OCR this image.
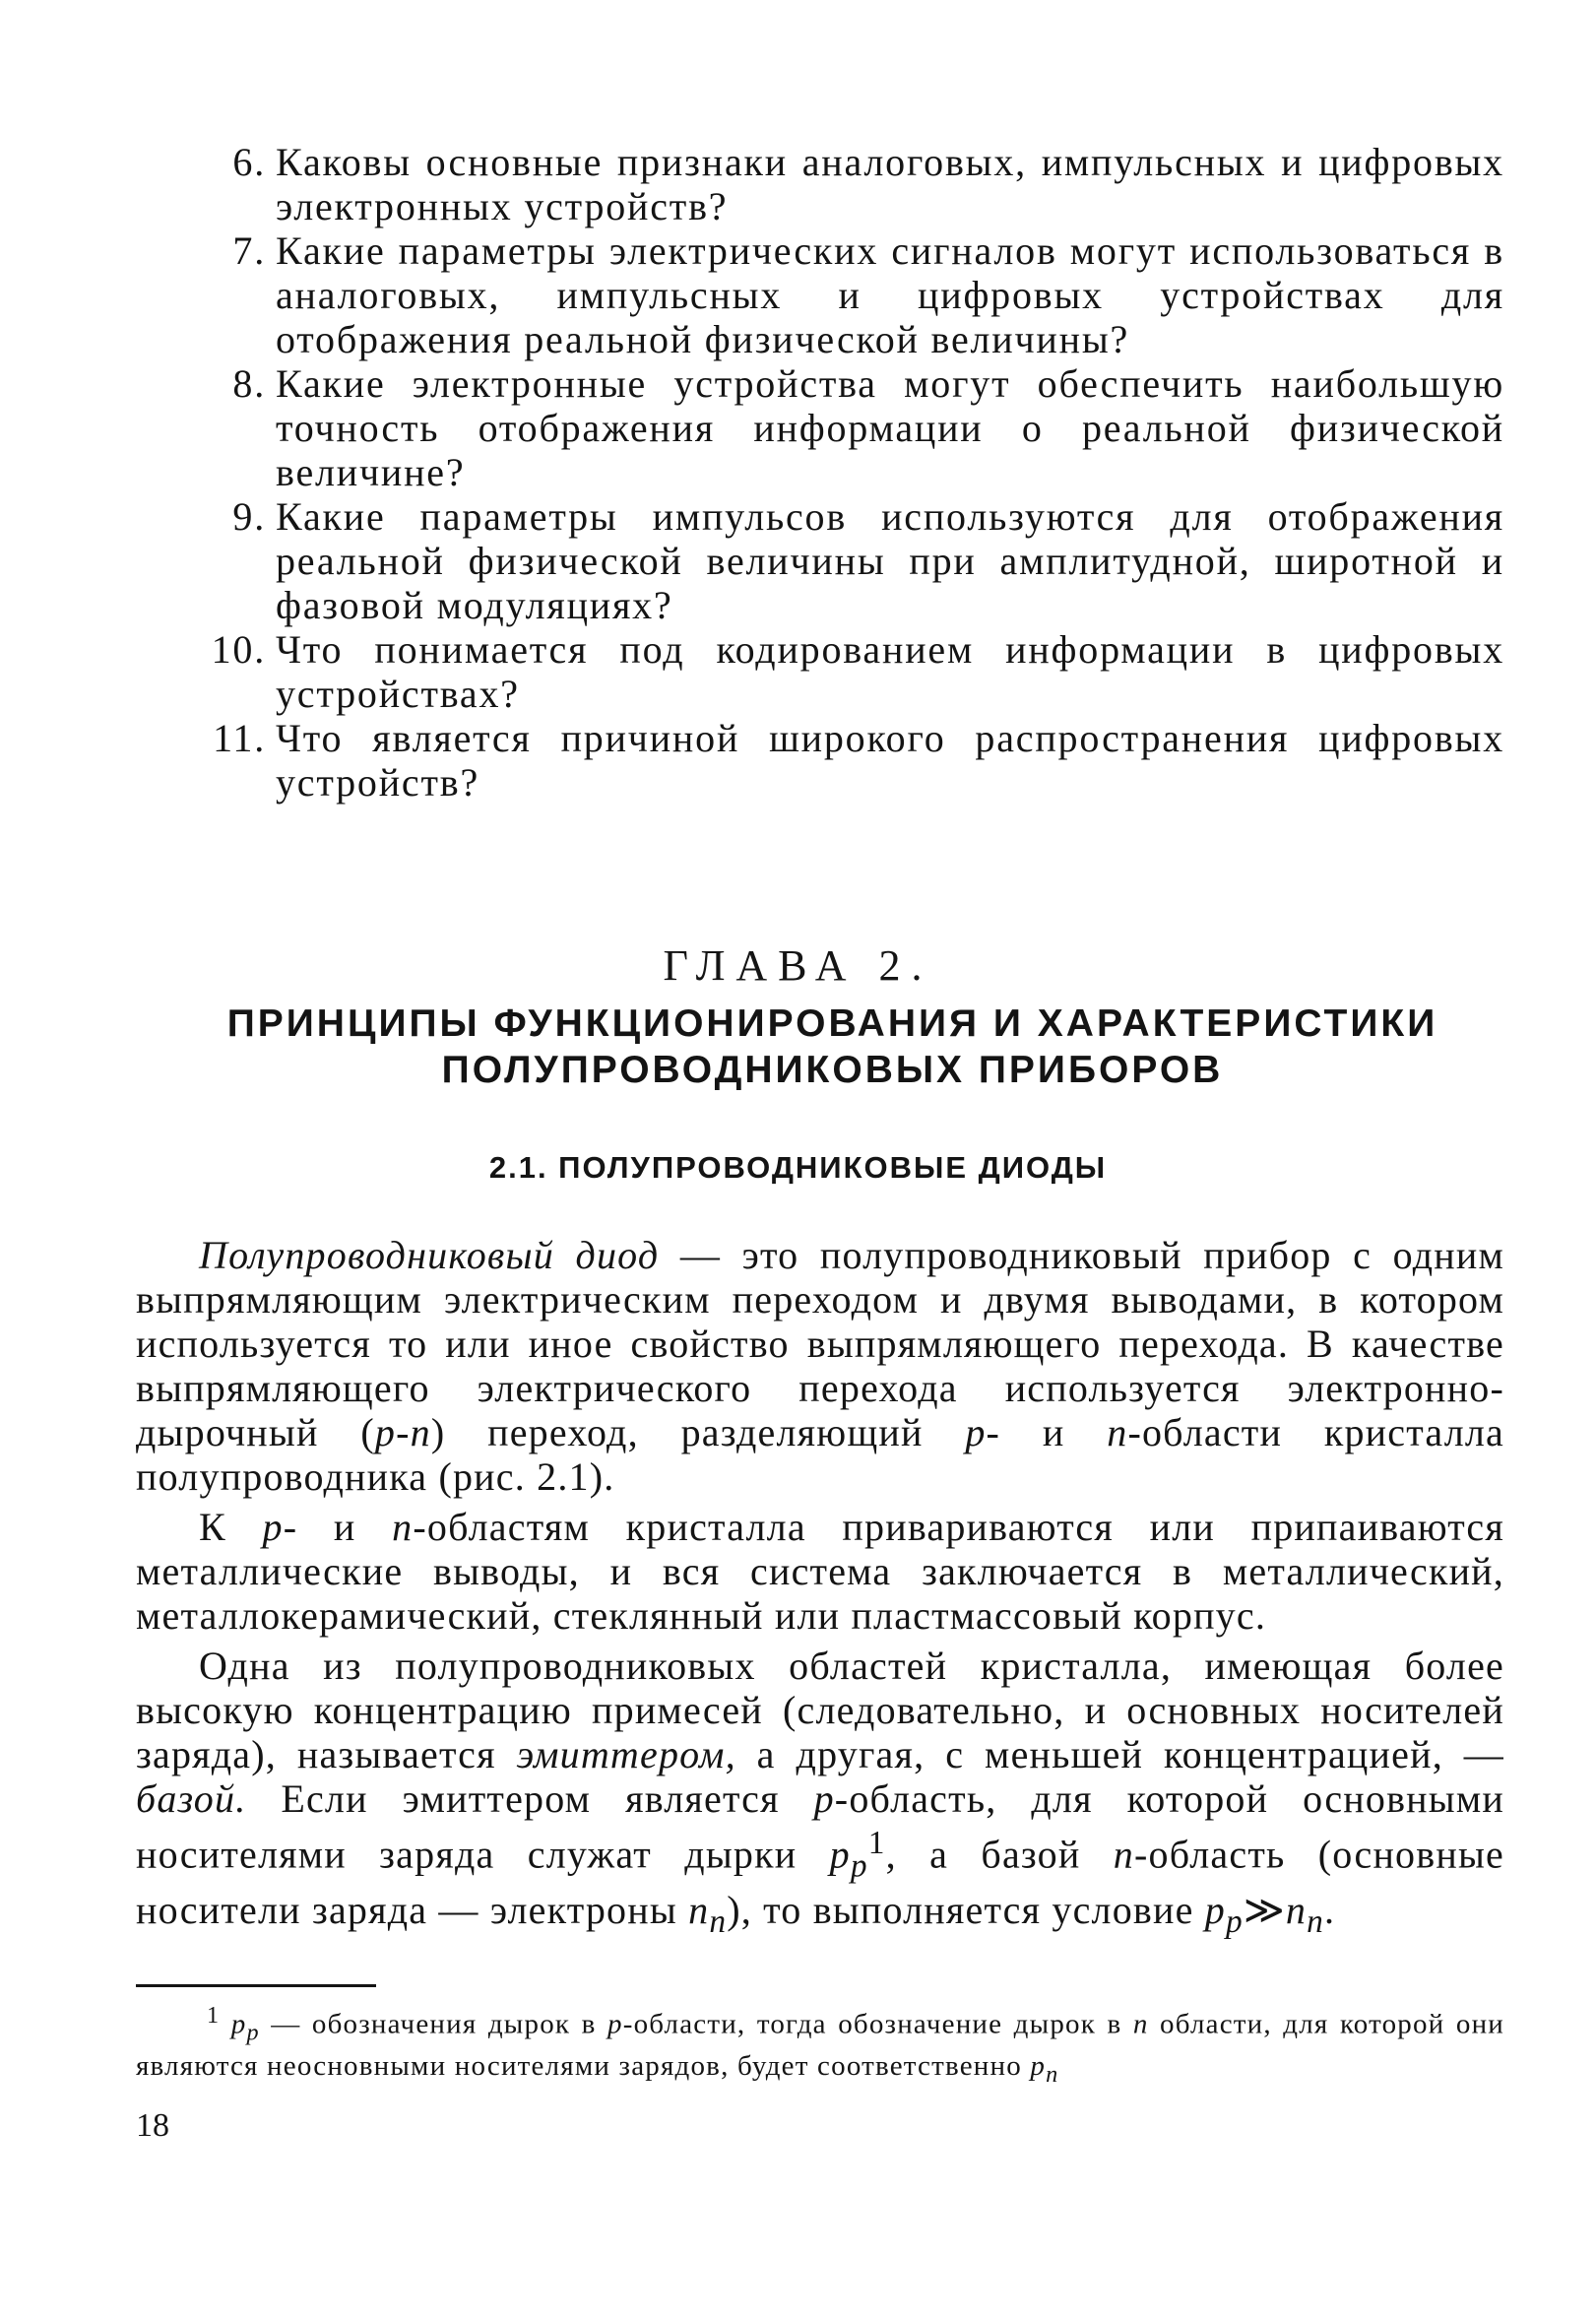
6. Каковы основные признаки аналоговых, импульсных и цифровых электронных устройств?
7. Какие параметры электрических сигналов могут использоваться в аналоговых, импульсных и цифровых устройствах для отображения реальной физической величины?
8. Какие электронные устройства могут обеспечить наибольшую точность отображения информации о реальной физической величине?
9. Какие параметры импульсов используются для отображения реальной физической величины при амплитудной, широтной и фазовой модуляциях?
10. Что понимается под кодированием информации в цифровых устройствах?
11. Что является причиной широкого распространения цифровых устройств?
ГЛАВА 2.
ПРИНЦИПЫ ФУНКЦИОНИРОВАНИЯ И ХАРАКТЕРИСТИКИ ПОЛУПРОВОДНИКОВЫХ ПРИБОРОВ
2.1. ПОЛУПРОВОДНИКОВЫЕ ДИОДЫ

Полупроводниковый диод — это полупроводниковый прибор с одним выпрямляющим электрическим переходом и двумя выводами, в котором используется то или иное свойство выпрямляющего перехода. В качестве выпрямляющего электрического перехода используется электронно-дырочный (p-n) переход, разделяющий p- и n-области кристалла полупроводника (рис. 2.1).

К p- и n-областям кристалла привариваются или припаиваются металлические выводы, и вся система заключается в металлический, металлокерамический, стеклянный или пластмассовый корпус.

Одна из полупроводниковых областей кристалла, имеющая более высокую концентрацию примесей (следовательно, и основных носителей заряда), называется эмиттером, а другая, с меньшей концентрацией, — базой. Если эмиттером является p-область, для которой основными носителями заряда служат дырки $p_p^1$, а базой n-область (основные носители заряда — электроны $n_n$), то выполняется условие $p_p≫n_n$.

$^1$ $p_p$ — обозначения дырок в p-области, тогда обозначение дырок в n области, для которой они являются неосновными носителями зарядов, будет соответственно $p_n$
18
